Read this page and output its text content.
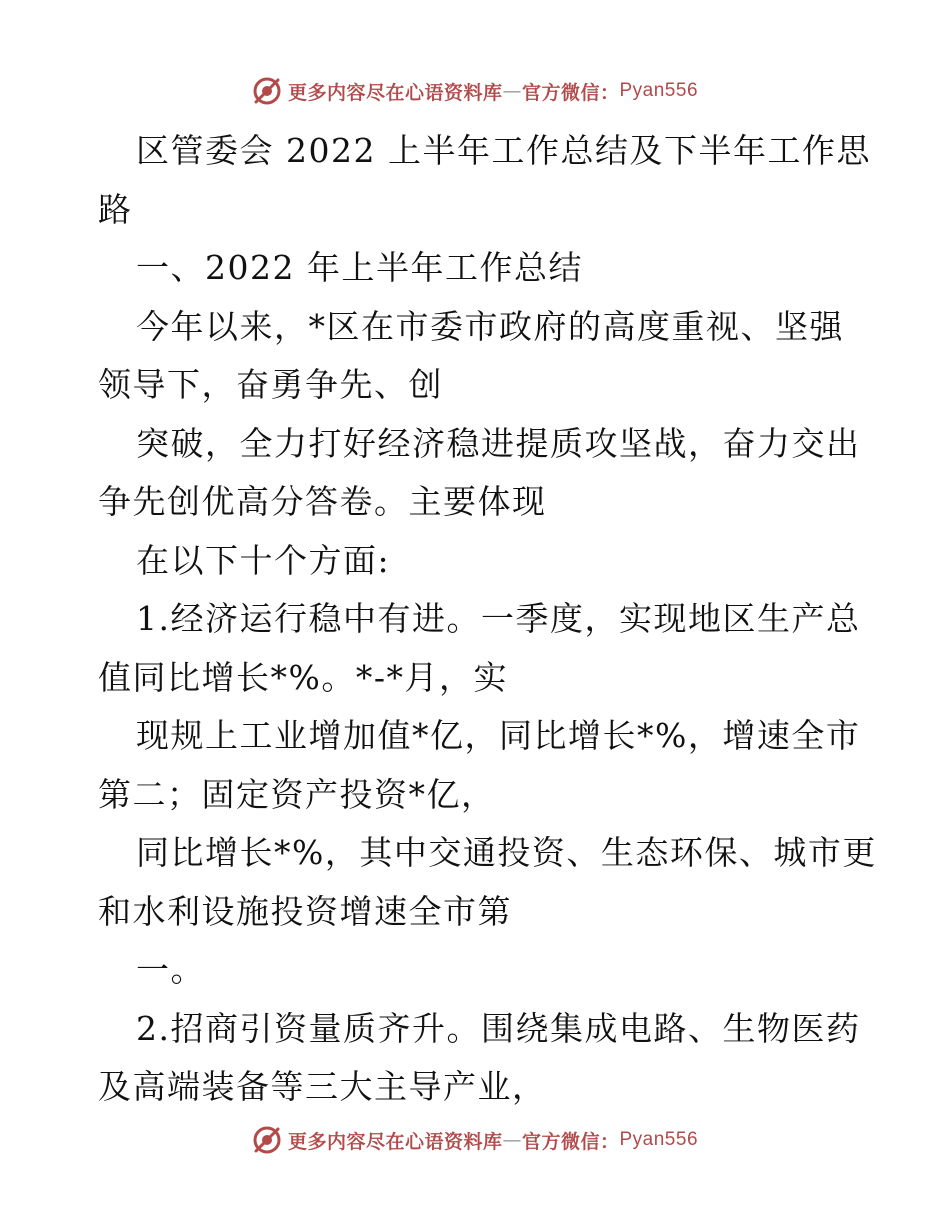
更多内容尽在心语资料库 — 官方微信： Pyan556
区管委会 2022 上半年工作总结及下半年工作思
路
一、2022 年上半年工作总结
今年以来，*区在市委市政府的高度重视、坚强
领导下，奋勇争先、创
突破，全力打好经济稳进提质攻坚战，奋力交出
争先创优高分答卷。主要体现
在以下十个方面:
1.经济运行稳中有进。一季度，实现地区生产总
值同比增长*%。*-*月，实
现规上工业增加值*亿，同比增长*%，增速全市
第二；固定资产投资*亿，
同比增长*%，其中交通投资、生态环保、城市更
和水利设施投资增速全市第
一。
2.招商引资量质齐升。围绕集成电路、生物医药
及高端装备等三大主导产业，
更多内容尽在心语资料库 — 官方微信： Pyan556
